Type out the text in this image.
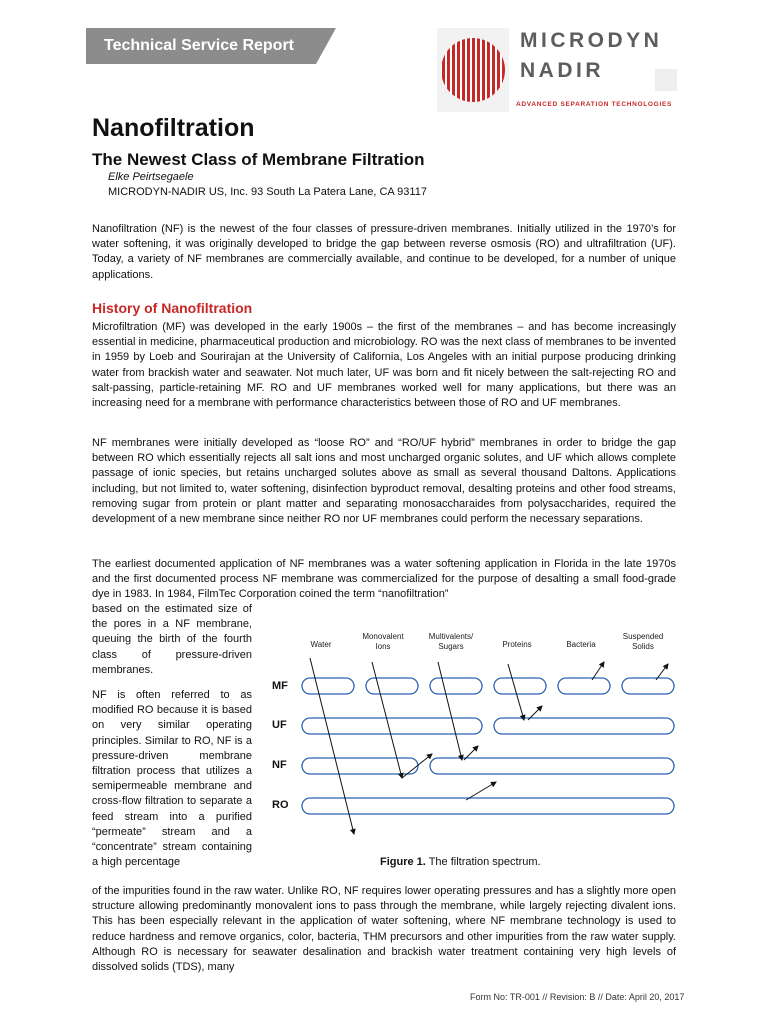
Technical Service Report	MICRODYN
NADIR
ADVANCED SEPARATION TECHNOLOGIES
Nanofiltration
The Newest Class of Membrane Filtration
Elke Peirtsegaele
MICRODYN-NADIR US, Inc. 93 South La Patera Lane, CA 93117

Nanofiltration (NF) is the newest of the four classes of pressure-driven membranes. Initially utilized in the 1970’s for water softening, it was originally developed to bridge the gap between reverse osmosis (RO) and ultrafiltration (UF). Today, a variety of NF membranes are commercially available, and continue to be developed, for a number of unique applications.

History of Nanofiltration

Microfiltration (MF) was developed in the early 1900s – the first of the membranes – and has become increasingly essential in medicine, pharmaceutical production and microbiology. RO was the next class of membranes to be invented in 1959 by Loeb and Sourirajan at the University of California, Los Angeles with an initial purpose producing drinking water from brackish water and seawater. Not much later, UF was born and fit nicely between the salt-rejecting RO and salt-passing, particle-retaining MF. RO and UF membranes worked well for many applications, but there was an increasing need for a membrane with performance characteristics between those of RO and UF membranes.

NF membranes were initially developed as “loose RO” and “RO/UF hybrid” membranes in order to bridge the gap between RO which essentially rejects all salt ions and most uncharged organic solutes, and UF which allows complete passage of ionic species, but retains uncharged solutes above as small as several thousand Daltons. Applications including, but not limited to, water softening, disinfection byproduct removal, desalting proteins and other food streams, removing sugar from protein or plant matter and separating monosaccharaides from polysaccharides, required the development of a new membrane since neither RO nor UF membranes could perform the necessary separations.

The earliest documented application of NF membranes was a water softening application in Florida in the late 1970s and the first documented process NF membrane was commercialized for the purpose of desalting a small food-grade dye in 1983. In 1984, FilmTec Corporation coined the term “nanofiltration”

based on the estimated size of the pores in a NF membrane, queuing the birth of the fourth class of pressure-driven membranes.

NF is often referred to as modified RO because it is based on very similar operating principles. Similar to RO, NF is a pressure-driven membrane filtration process that utilizes a semipermeable membrane and cross-flow filtration to separate a feed stream into a purified “permeate” stream and a “concentrate” stream containing a high percentage

of the impurities found in the raw water. Unlike RO, NF requires lower operating pressures and has a slightly more open structure allowing predominantly monovalent ions to pass through the membrane, while largely rejecting divalent ions. This has been especially relevant in the application of water softening, where NF membrane technology is used to reduce hardness and remove organics, color, bacteria, THM precursors and other impurities from the raw water supply. Although RO is necessary for seawater desalination and brackish water treatment containing very high levels of dissolved solids (TDS), many

Water
Monovalent Ions
Multivalents/ Sugars	Proteins	Bacteria
Suspended Solids
MF
UF
NF
RO
Figure 1. The filtration spectrum.
Form No: TR-001 // Revision: B // Date: April 20, 2017
